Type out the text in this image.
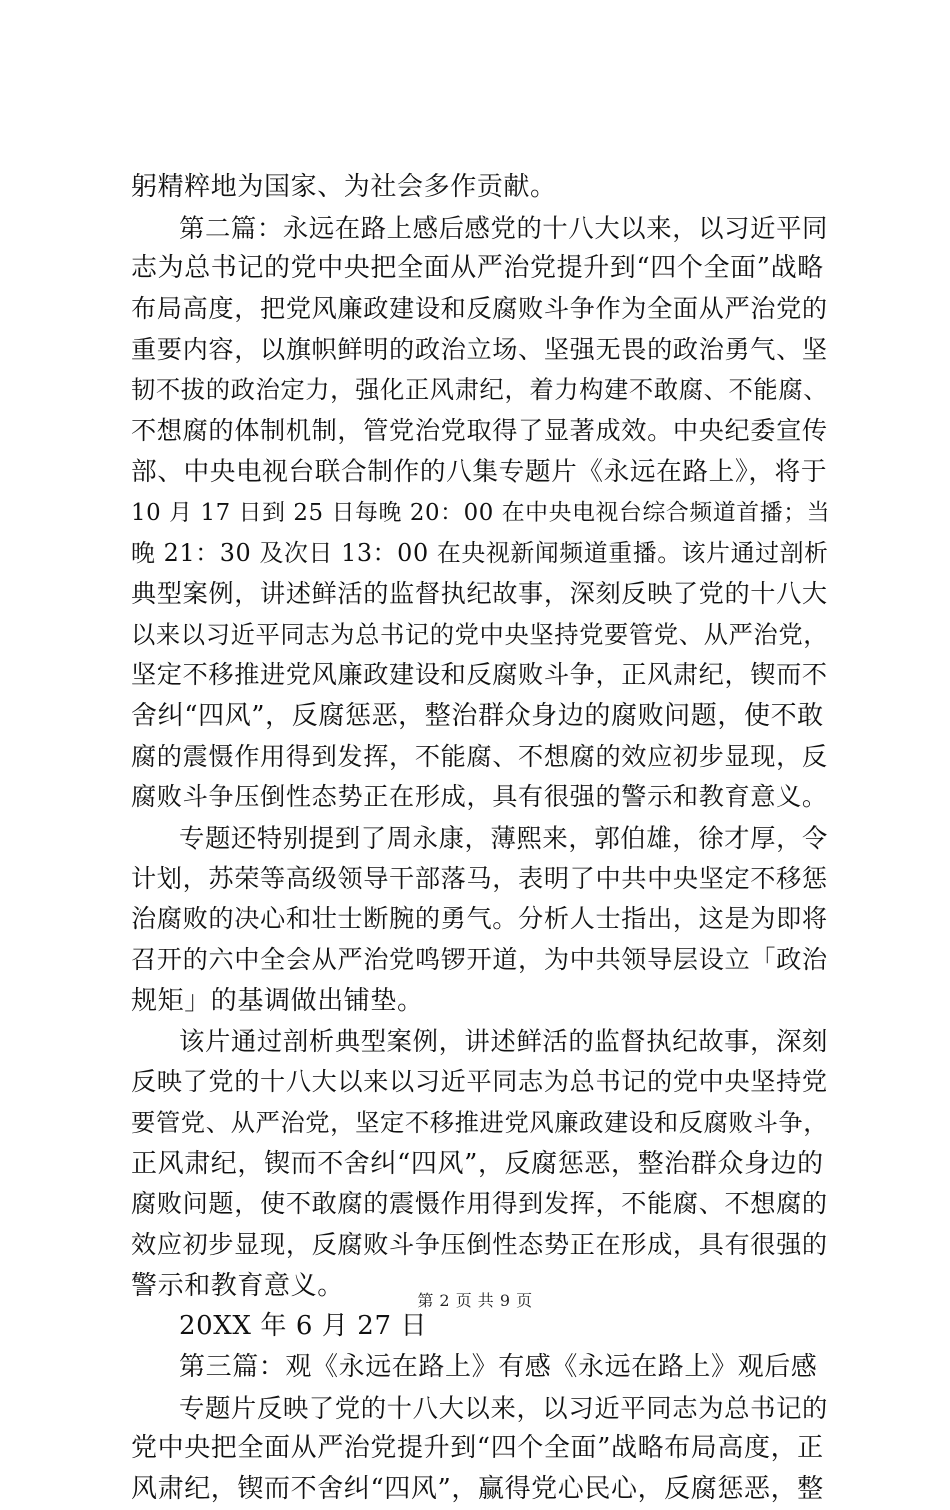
躬精粹地为国家、为社会多作贡献。
第二篇：永远在路上感后感党的十八大以来，以习近平同
志为总书记的党中央把全面从严治党提升到“四个全面”战略
布局高度，把党风廉政建设和反腐败斗争作为全面从严治党的
重要内容，以旗帜鲜明的政治立场、坚强无畏的政治勇气、坚
韧不拔的政治定力，强化正风肃纪，着力构建不敢腐、不能腐、
不想腐的体制机制，管党治党取得了显著成效。中央纪委宣传
部、中央电视台联合制作的八集专题片《永远在路上》，将于
10 月 17 日到 25 日每晚 20：00 在中央电视台综合频道首播；当
晚 21：30 及次日 13：00 在央视新闻频道重播。该片通过剖析
典型案例，讲述鲜活的监督执纪故事，深刻反映了党的十八大
以来以习近平同志为总书记的党中央坚持党要管党、从严治党，
坚定不移推进党风廉政建设和反腐败斗争，正风肃纪，锲而不
舍纠“四风”，反腐惩恶，整治群众身边的腐败问题，使不敢
腐的震慑作用得到发挥，不能腐、不想腐的效应初步显现，反
腐败斗争压倒性态势正在形成，具有很强的警示和教育意义。
专题还特别提到了周永康，薄熙来，郭伯雄，徐才厚，令
计划，苏荣等高级领导干部落马，表明了中共中央坚定不移惩
治腐败的决心和壮士断腕的勇气。分析人士指出，这是为即将
召开的六中全会从严治党鸣锣开道，为中共领导层设立「政治
规矩」的基调做出铺垫。
该片通过剖析典型案例，讲述鲜活的监督执纪故事，深刻
反映了党的十八大以来以习近平同志为总书记的党中央坚持党
要管党、从严治党，坚定不移推进党风廉政建设和反腐败斗争，
正风肃纪，锲而不舍纠“四风”，反腐惩恶，整治群众身边的
腐败问题，使不敢腐的震慑作用得到发挥，不能腐、不想腐的
效应初步显现，反腐败斗争压倒性态势正在形成，具有很强的
警示和教育意义。
20XX 年 6 月 27 日
第三篇：观《永远在路上》有感《永远在路上》观后感
专题片反映了党的十八大以来，以习近平同志为总书记的
党中央把全面从严治党提升到“四个全面”战略布局高度，正
风肃纪，锲而不舍纠“四风”，赢得党心民心，反腐惩恶，整
第 2 页 共 9 页
